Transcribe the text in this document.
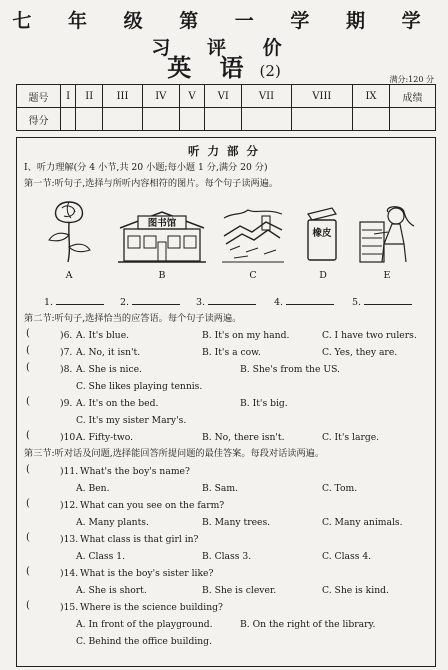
七 年 级 第 一 学 期 学 习 评 价
英 语 (2)	满分:120 分
题号	I	II	III	IV	V	VI	VII	VIII	IX	成绩
得分										
听 力 部 分
I、听力理解(分 4 小节,共 20 小题;每小题 1 分,满分 20 分)
第一节:听句子,选择与所听内容相符的图片。每个句子读两遍。
图书馆
橡皮
A	B	C	D	E
1.	2.	3.	4.	5.
第二节:听句子,选择恰当的应答语。每个句子读两遍。
(	)6. A. It's blue.	B. It's on my hand.	C. I have two rulers.
(	)7. A. No, it isn't.	B. It's a cow.	C. Yes, they are.
(	)8. A. She is nice.	B. She's from the US.
C. She likes playing tennis.
(	)9. A. It's on the bed.	B. It's big.
C. It's my sister Mary's.
(	)10.
A. Fifty-two.	B. No, there isn't.	C. It's large.
第三节:听对话及问题,选择能回答所提问题的最佳答案。每段对话读两遍。
(	)11. What's the boy's name?
A. Ben.	B. Sam.	C. Tom.
(	)12. What can you see on the farm?
A. Many plants.	B. Many trees.	C. Many animals.
(	)13. What class is that girl in?
A. Class 1.	B. Class 3.	C. Class 4.
(	)14. What is the boy's sister like?
A. She is short.	B. She is clever.	C. She is kind.
(	)15. Where is the science building?
A. In front of the playground.	B. On the right of the library.
C. Behind the office building.
